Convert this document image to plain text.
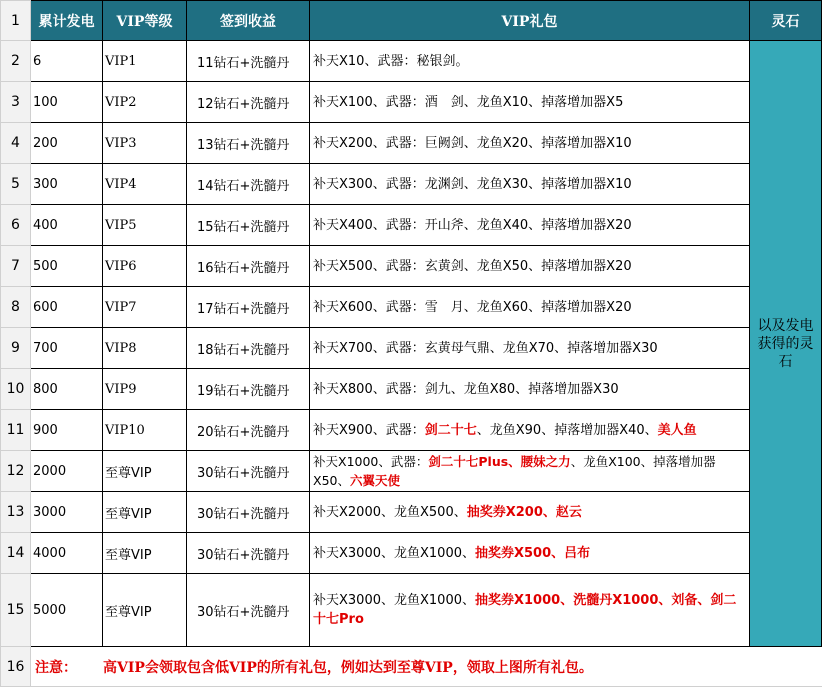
1	累计发电	VIP等级	签到收益	VIP礼包	灵石
2	6	VIP1	11钻石+洗髓丹	补天X10、武器：秘银剑。	以及发电获得的灵石

3	100	VIP2	12钻石+洗髓丹	补天X100、武器：酒　剑、龙鱼X10、掉落增加器X5	
4	200	VIP3	13钻石+洗髓丹	补天X200、武器：巨阙剑、龙鱼X20、掉落增加器X10	
5	300	VIP4	14钻石+洗髓丹	补天X300、武器：龙渊剑、龙鱼X30、掉落增加器X10	
6	400	VIP5	15钻石+洗髓丹	补天X400、武器：开山斧、龙鱼X40、掉落增加器X20	
7	500	VIP6	16钻石+洗髓丹	补天X500、武器：玄黄剑、龙鱼X50、掉落增加器X20	
8	600	VIP7	17钻石+洗髓丹	补天X600、武器：雪　月、龙鱼X60、掉落增加器X20	
9	700	VIP8	18钻石+洗髓丹	补天X700、武器：玄黄母气鼎、龙鱼X70、掉落增加器X30	
10	800	VIP9	19钻石+洗髓丹	补天X800、武器：剑九、龙鱼X80、掉落增加器X30	
11	900	VIP10	20钻石+洗髓丹	补天X900、武器：剑二十七、龙鱼X90、掉落增加器X40、美人鱼	
12	2000	至尊VIP	30钻石+洗髓丹	补天X1000、武器：剑二十七Plus、腰妹之力、龙鱼X100、掉落增加器X50、六翼天使	
13	3000	至尊VIP	30钻石+洗髓丹	补天X2000、龙鱼X500、抽奖券X200、赵云	
14	4000	至尊VIP	30钻石+洗髓丹	补天X3000、龙鱼X1000、抽奖券X500、吕布	
15	5000	至尊VIP	30钻石+洗髓丹	补天X3000、龙鱼X1000、抽奖券X1000、洗髓丹X1000、刘备、剑二十七Pro	
16	注意： 高VIP会领取包含低VIP的所有礼包，例如达到至尊VIP，领取上图所有礼包。				
